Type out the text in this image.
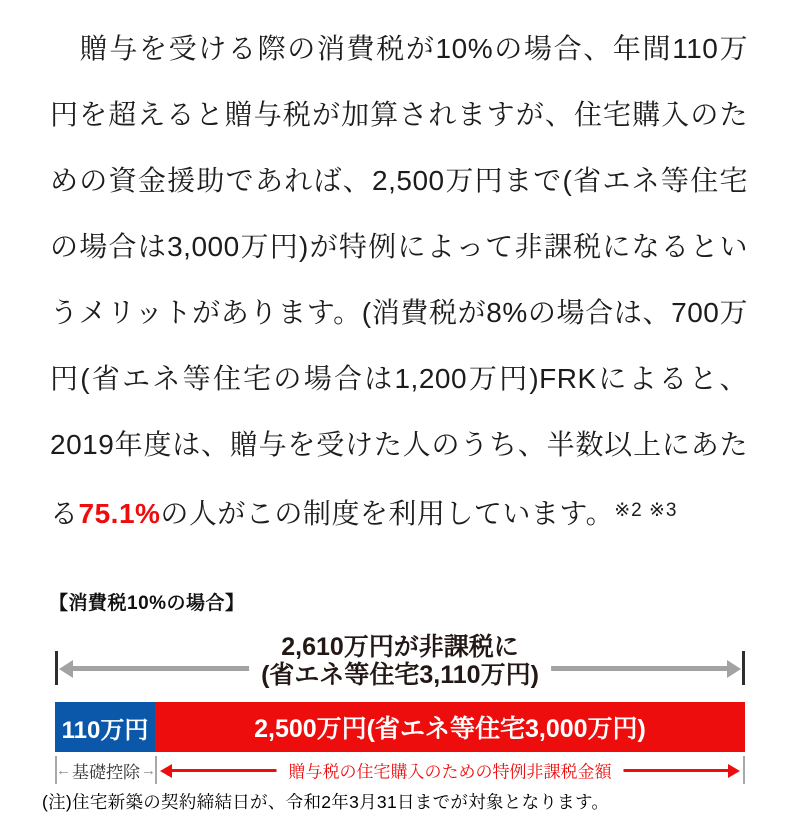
　贈与を受ける際の消費税が10%の場合、年間110万円を超えると贈与税が加算されますが、住宅購入のための資金援助であれば、2,500万円まで(省エネ等住宅の場合は3,000万円)が特例によって非課税になるというメリットがあります。(消費税が8%の場合は、700万円(省エネ等住宅の場合は1,200万円)FRKによると、2019年度は、贈与を受けた人のうち、半数以上にあたる75.1%の人がこの制度を利用しています。$^{※2 ※3}$

【消費税10%の場合】
2,610万円が非課税に
(省エネ等住宅3,110万円)
110万円	2,500万円(省エネ等住宅3,000万円)
← 基礎控除 →	贈与税の住宅購入のための特例非課税金額

(注)住宅新築の契約締結日が、令和2年3月31日までが対象となります。
